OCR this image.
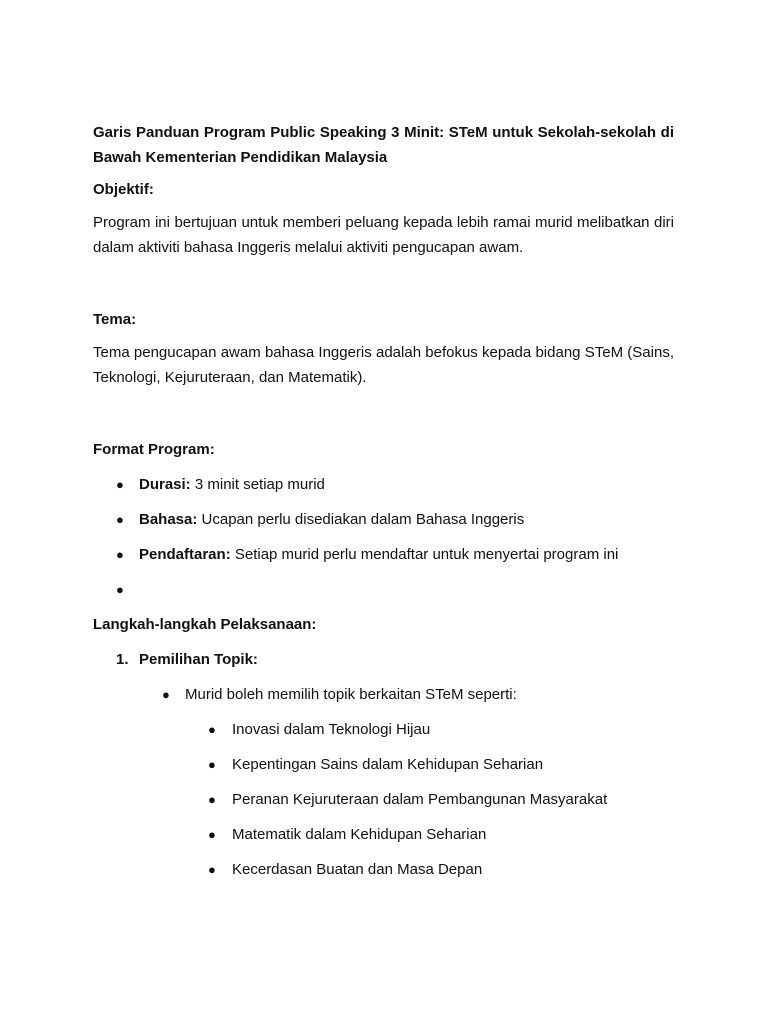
Garis Panduan Program Public Speaking 3 Minit: STeM untuk Sekolah-sekolah di Bawah Kementerian Pendidikan Malaysia

Objektif:

Program ini bertujuan untuk memberi peluang kepada lebih ramai murid melibatkan diri dalam aktiviti bahasa Inggeris melalui aktiviti pengucapan awam.

Tema:

Tema pengucapan awam bahasa Inggeris adalah befokus kepada bidang STeM (Sains, Teknologi, Kejuruteraan, dan Matematik).

Format Program:

● Durasi: 3 minit setiap murid
● Bahasa: Ucapan perlu disediakan dalam Bahasa Inggeris
● Pendaftaran: Setiap murid perlu mendaftar untuk menyertai program ini
●

Langkah-langkah Pelaksanaan:

1. Pemilihan Topik:
● Murid boleh memilih topik berkaitan STeM seperti:
● Inovasi dalam Teknologi Hijau
● Kepentingan Sains dalam Kehidupan Seharian
● Peranan Kejuruteraan dalam Pembangunan Masyarakat
● Matematik dalam Kehidupan Seharian
● Kecerdasan Buatan dan Masa Depan
